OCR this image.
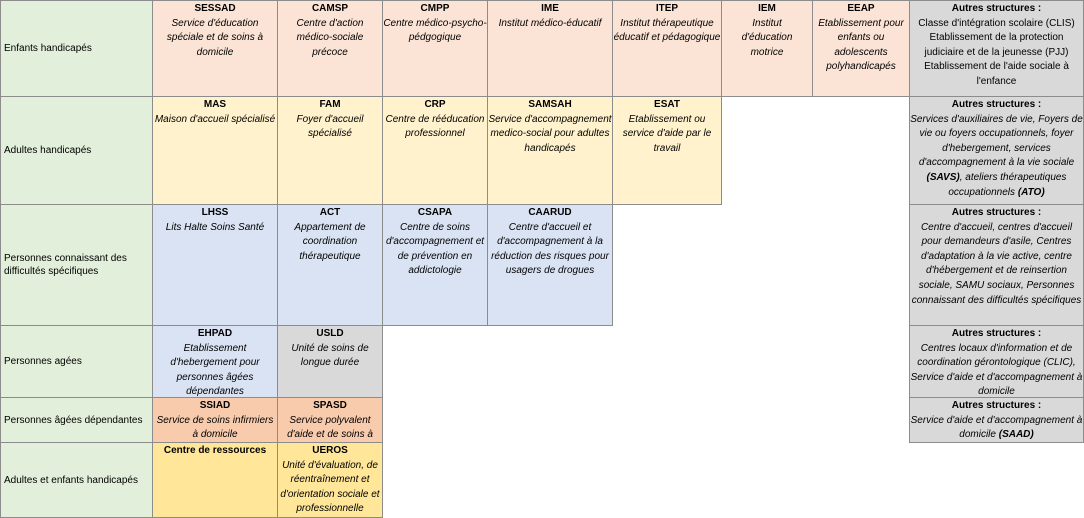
Enfants handicapés
Adultes handicapés
Personnes connaissant des difficultés spécifiques
Personnes agées
Personnes âgées dépendantes
Adultes et enfants handicapés
SESSAD
Service d'éducation spéciale et de soins à domicile
CAMSP
Centre d'action médico-sociale précoce
CMPP
Centre médico-psycho-pédgogique
IME
Institut médico-éducatif
ITEP
Institut thérapeutique éducatif et pédagogique
IEM
Institut d'éducation motrice
EEAP
Etablissement pour enfants ou adolescents polyhandicapés
Autres structures :
Classe d'intégration scolaire (CLIS)
Etablissement de la protection judiciaire et de la jeunesse (PJJ)
Etablissement de l'aide sociale à l'enfance
MAS
Maison d'accueil spécialisé
FAM
Foyer d'accueil spécialisé
CRP
Centre de rééducation professionnel
SAMSAH
Service d'accompagnement medico-social pour adultes handicapés
ESAT
Etablissement ou service d'aide par le travail
Autres structures :
Services d'auxiliaires de vie, Foyers de vie ou foyers occupationnels, foyer d'hebergement, services d'accompagnement à la vie sociale (SAVS), ateliers thérapeutiques occupationnels (ATO)
LHSS
Lits Halte Soins Santé
ACT
Appartement de coordination thérapeutique
CSAPA
Centre de soins d'accompagnement et de prévention en addictologie
CAARUD
Centre d'accueil et d'accompagnement à la réduction des risques pour usagers de drogues
Autres structures :
Centre d'accueil, centres d'accueil pour demandeurs d'asile, Centres d'adaptation à la vie active, centre d'hébergement et de reinsertion sociale, SAMU sociaux, Personnes connaissant des difficultés spécifiques
EHPAD
Etablissement d'hebergement pour personnes âgées dépendantes
USLD
Unité de soins de longue durée
Autres structures :
Centres locaux d'information et de coordination gérontologique (CLIC), Service d'aide et d'accompagnement à domicile
SSIAD
Service de soins infirmiers à domicile
SPASD
Service polyvalent d'aide et de soins à
Autres structures :
Service d'aide et d'accompagnement à domicile (SAAD)
Centre de ressources	UEROS
Unité d'évaluation, de réentraînement et d'orientation sociale et professionnelle
